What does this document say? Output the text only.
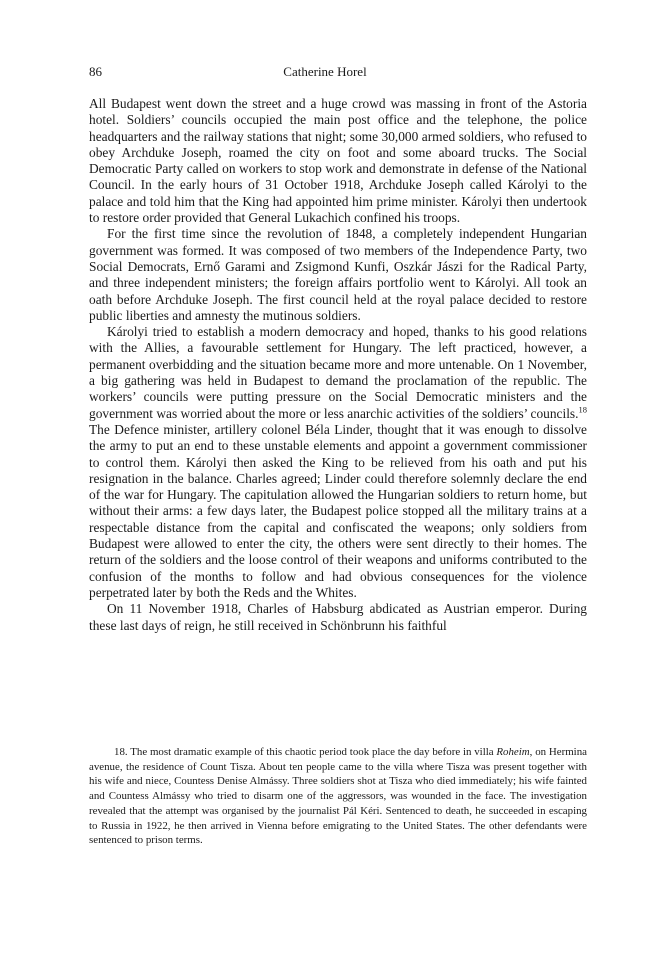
86	Catherine Horel

All Budapest went down the street and a huge crowd was massing in front of the Astoria hotel. Soldiers’ councils occupied the main post office and the telephone, the police headquarters and the railway stations that night; some 30,000 armed soldiers, who refused to obey Archduke Joseph, roamed the city on foot and some aboard trucks. The Social Democratic Party called on workers to stop work and demonstrate in defense of the National Council. In the early hours of 31 October 1918, Archduke Joseph called Károlyi to the palace and told him that the King had appointed him prime minister. Károlyi then undertook to restore order provided that General Lukachich confined his troops.

For the first time since the revolution of 1848, a completely independent Hungarian government was formed. It was composed of two members of the Independence Party, two Social Democrats, Ernő Garami and Zsigmond Kunfi, Oszkár Jászi for the Radical Party, and three independent ministers; the foreign affairs portfolio went to Károlyi. All took an oath before Archduke Joseph. The first council held at the royal palace decided to restore public liberties and amnesty the mutinous soldiers.

Károlyi tried to establish a modern democracy and hoped, thanks to his good relations with the Allies, a favourable settlement for Hungary. The left practiced, however, a permanent overbidding and the situation became more and more untenable. On 1 November, a big gathering was held in Budapest to demand the proclamation of the republic. The workers’ councils were putting pressure on the Social Democratic ministers and the government was worried about the more or less anarchic activities of the soldiers’ councils.$^{18}$ The Defence minister, artillery colonel Béla Linder, thought that it was enough to dissolve the army to put an end to these unstable elements and appoint a government commissioner to control them. Károlyi then asked the King to be relieved from his oath and put his resignation in the balance. Charles agreed; Linder could therefore solemnly declare the end of the war for Hungary. The capitulation allowed the Hungarian soldiers to return home, but without their arms: a few days later, the Budapest police stopped all the military trains at a respectable distance from the capital and confiscated the weapons; only soldiers from Budapest were allowed to enter the city, the others were sent directly to their homes. The return of the soldiers and the loose control of their weapons and uniforms contributed to the confusion of the months to follow and had obvious consequences for the violence perpetrated later by both the Reds and the Whites.

On 11 November 1918, Charles of Habsburg abdicated as Austrian emperor. During these last days of reign, he still received in Schönbrunn his faithful

18. The most dramatic example of this chaotic period took place the day before in villa Roheim, on Hermina avenue, the residence of Count Tisza. About ten people came to the villa where Tisza was present together with his wife and niece, Countess Denise Almássy. Three soldiers shot at Tisza who died immediately; his wife fainted and Countess Almássy who tried to disarm one of the aggressors, was wounded in the face. The investigation revealed that the attempt was organised by the journalist Pál Kéri. Sentenced to death, he succeeded in escaping to Russia in 1922, he then arrived in Vienna before emigrating to the United States. The other defendants were sentenced to prison terms.
